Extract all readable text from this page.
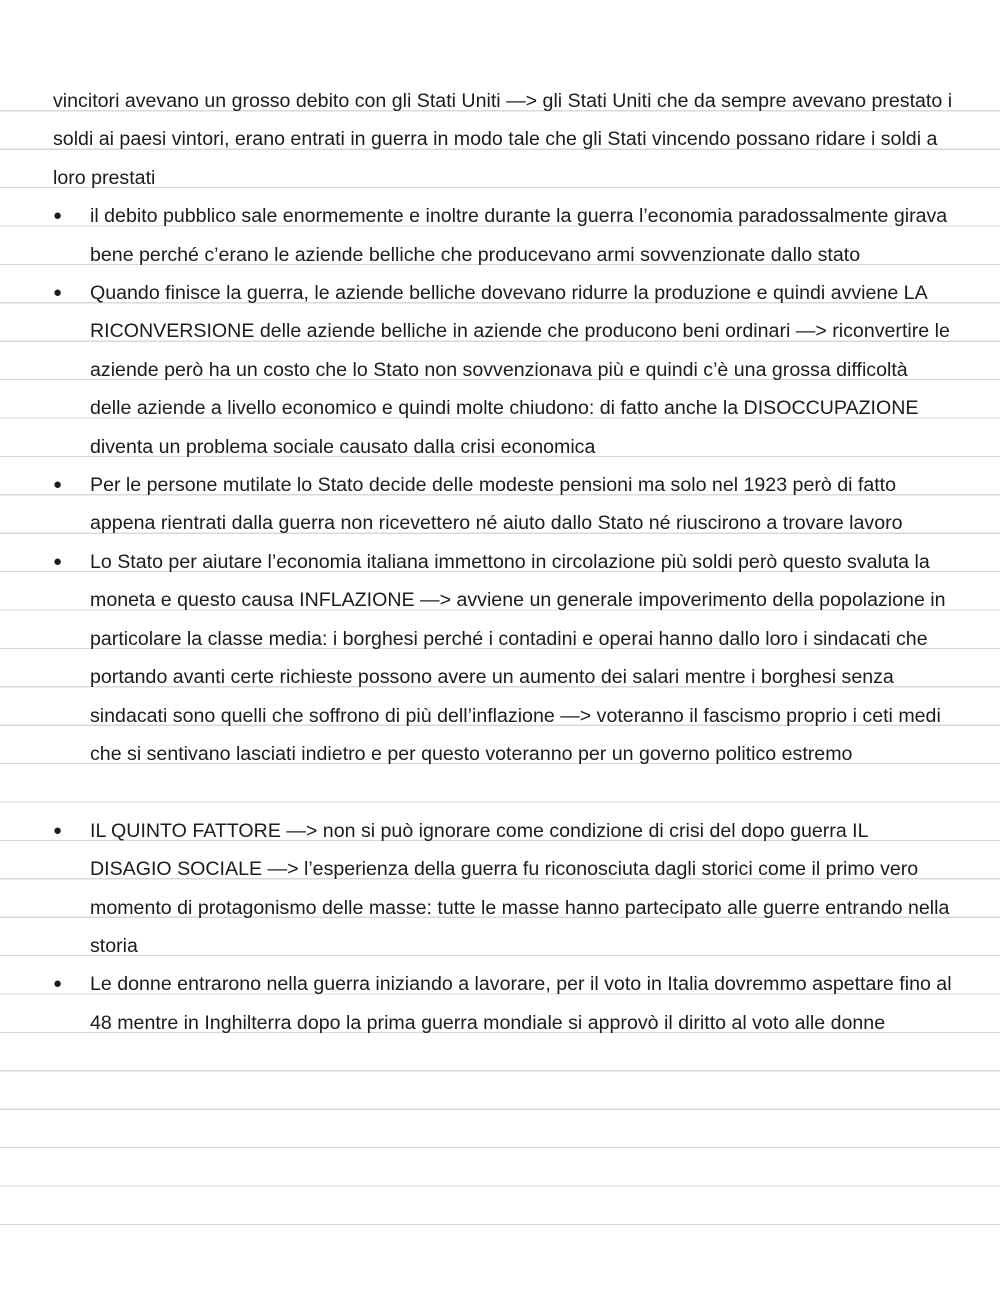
vincitori avevano un grosso debito con gli Stati Uniti —> gli Stati Uniti che da sempre avevano prestato i soldi ai paesi vintori, erano entrati in guerra in modo tale che gli Stati vincendo possano ridare i soldi a loro prestati

● il debito pubblico sale enormemente e inoltre durante la guerra l’economia paradossalmente girava bene perché c’erano le aziende belliche che producevano armi sovvenzionate dallo stato
● Quando finisce la guerra, le aziende belliche dovevano ridurre la produzione e quindi avviene LA RICONVERSIONE delle aziende belliche in aziende che producono beni ordinari —> riconvertire le aziende però ha un costo che lo Stato non sovvenzionava più e quindi c’è una grossa difficoltà delle aziende a livello economico e quindi molte chiudono: di fatto anche la DISOCCUPAZIONE diventa un problema sociale causato dalla crisi economica
● Per le persone mutilate lo Stato decide delle modeste pensioni ma solo nel 1923 però di fatto appena rientrati dalla guerra non ricevettero né aiuto dallo Stato né riuscirono a trovare lavoro
● Lo Stato per aiutare l’economia italiana immettono in circolazione più soldi però questo svaluta la moneta e questo causa INFLAZIONE —> avviene un generale impoverimento della popolazione in particolare la classe media: i borghesi perché i contadini e operai hanno dallo loro i sindacati che portando avanti certe richieste possono avere un aumento dei salari mentre i borghesi senza sindacati sono quelli che soffrono di più dell’inflazione —> voteranno il fascismo proprio i ceti medi che si sentivano lasciati indietro e per questo voteranno per un governo politico estremo
● IL QUINTO FATTORE —> non si può ignorare come condizione di crisi del dopo guerra IL DISAGIO SOCIALE —> l’esperienza della guerra fu riconosciuta dagli storici come il primo vero momento di protagonismo delle masse: tutte le masse hanno partecipato alle guerre entrando nella storia
● Le donne entrarono nella guerra iniziando a lavorare, per il voto in Italia dovremmo aspettare fino al 48 mentre in Inghilterra dopo la prima guerra mondiale si approvò il diritto al voto alle donne
